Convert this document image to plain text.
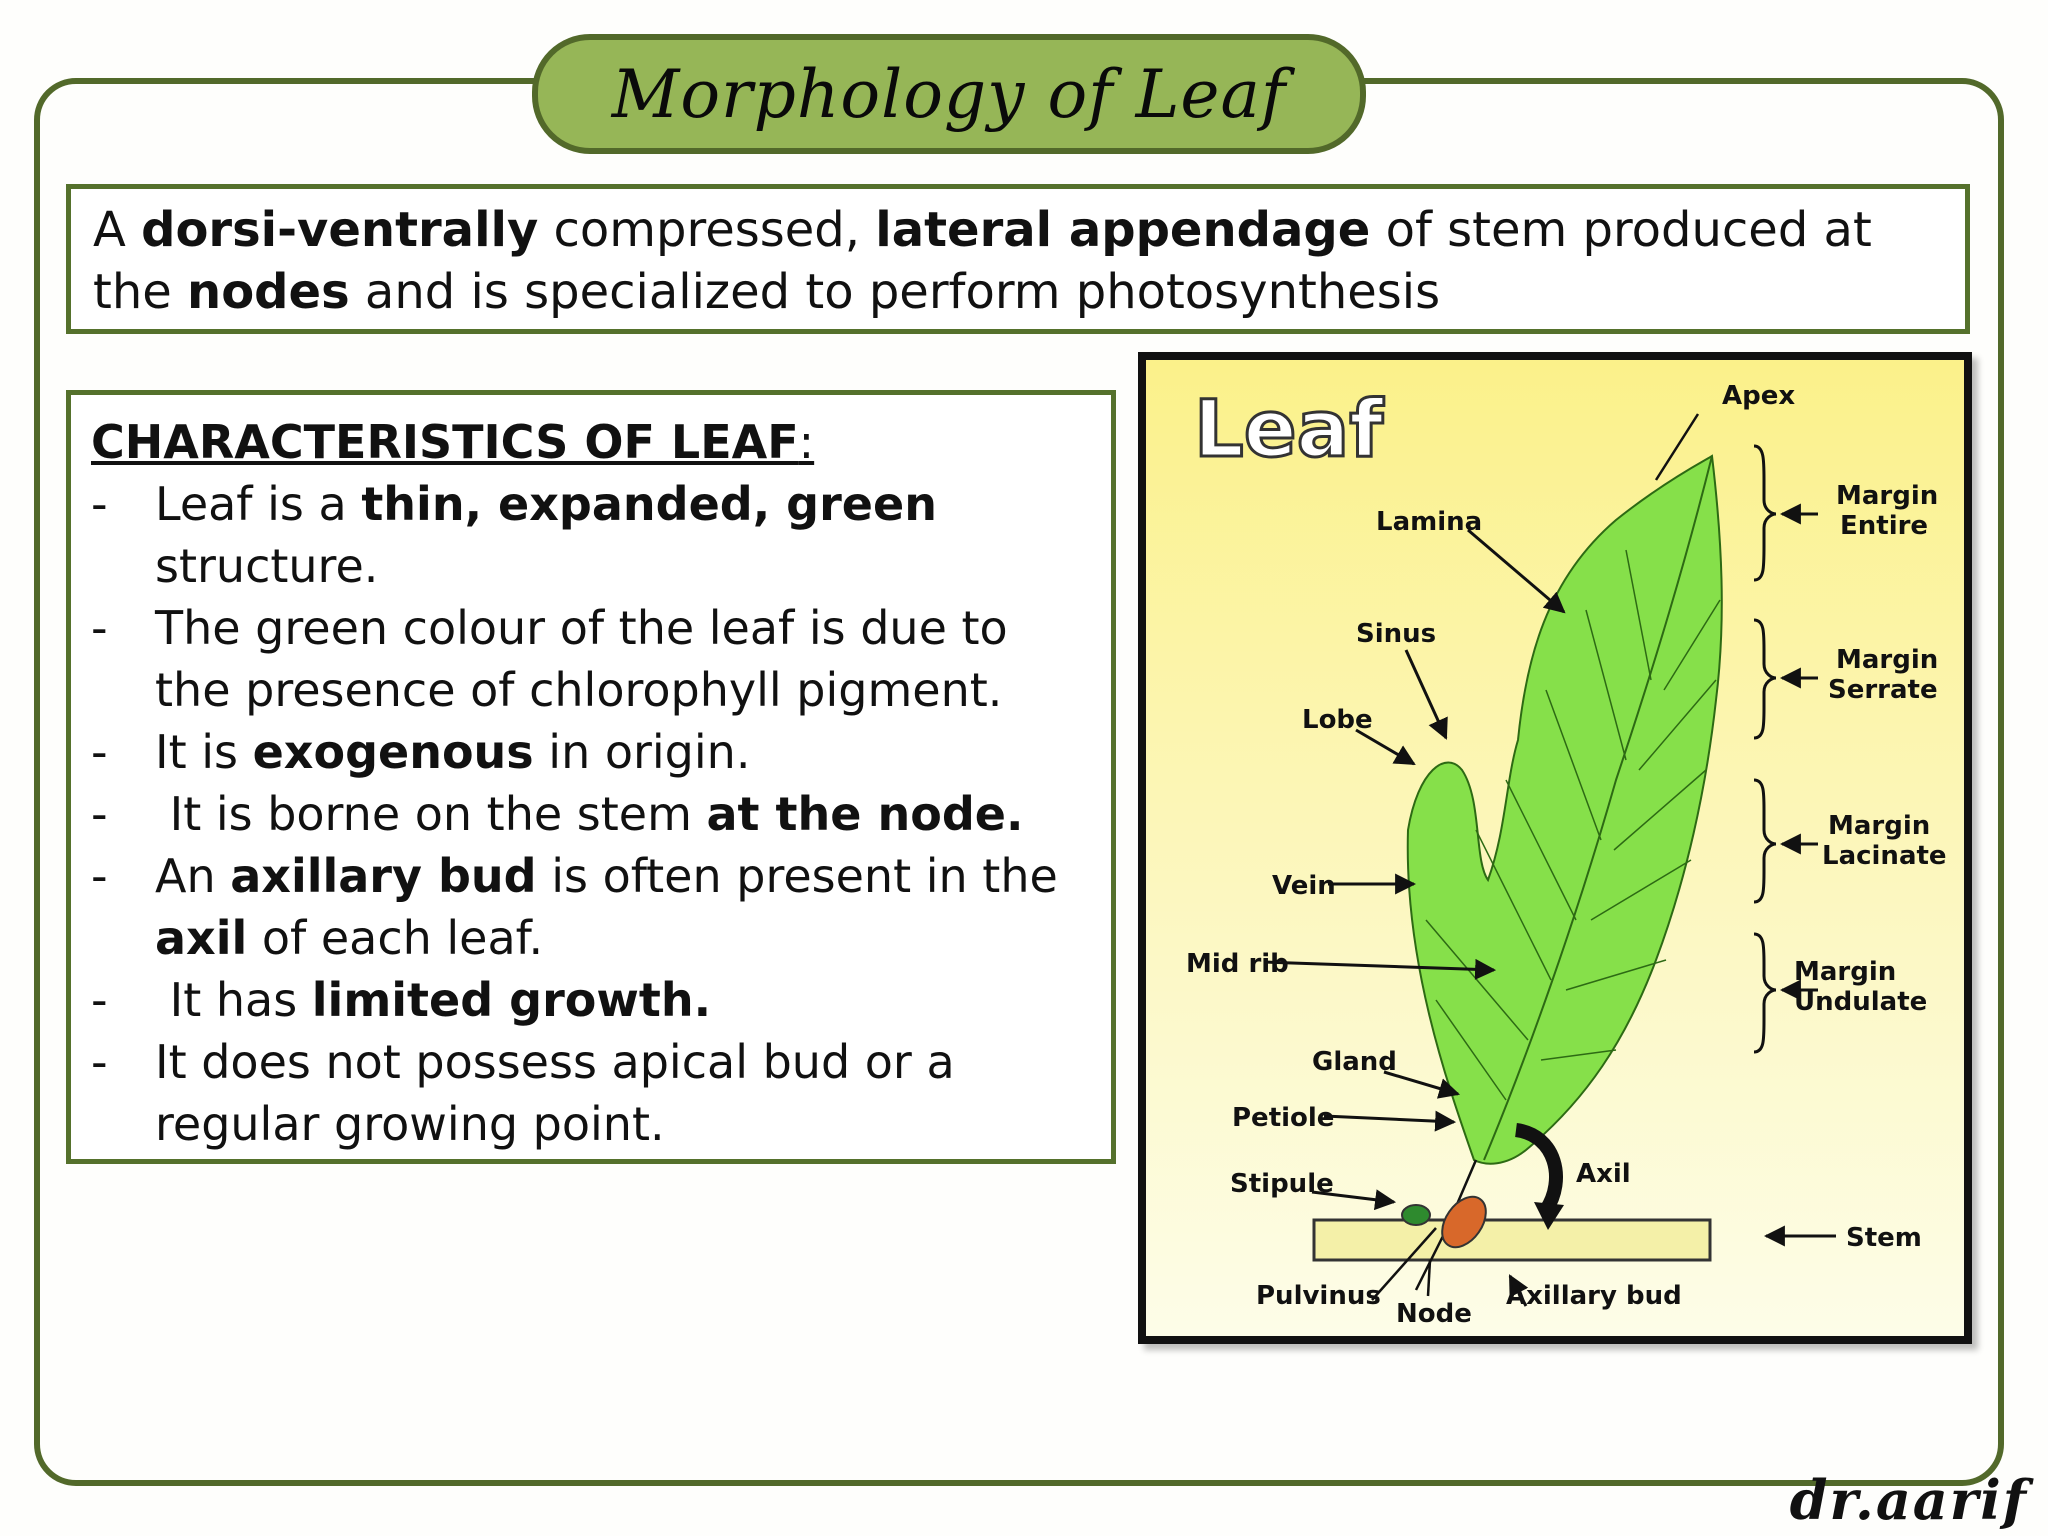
Morphology of Leaf
A dorsi-ventrally compressed, lateral appendage of stem produced at the nodes and is specialized to perform photosynthesis
CHARACTERISTICS OF LEAF:
- Leaf is a thin, expanded, green structure.
- The green colour of the leaf is due to the presence of chlorophyll pigment.
- It is exogenous in origin.
- It is borne on the stem at the node.
- An axillary bud is often present in the axil of each leaf.
- It has limited growth.
- It does not possess apical bud or a regular growing point.
Leaf	Apex
Lamina
Sinus
Lobe
Vein
Mid rib
Gland
Petiole
Stipule
Pulvinus
Node
Axillary bud
Axil
Stem
Margin
Entire
Margin
Serrate
Margin
Lacinate
Margin
Undulate
dr.aarif
